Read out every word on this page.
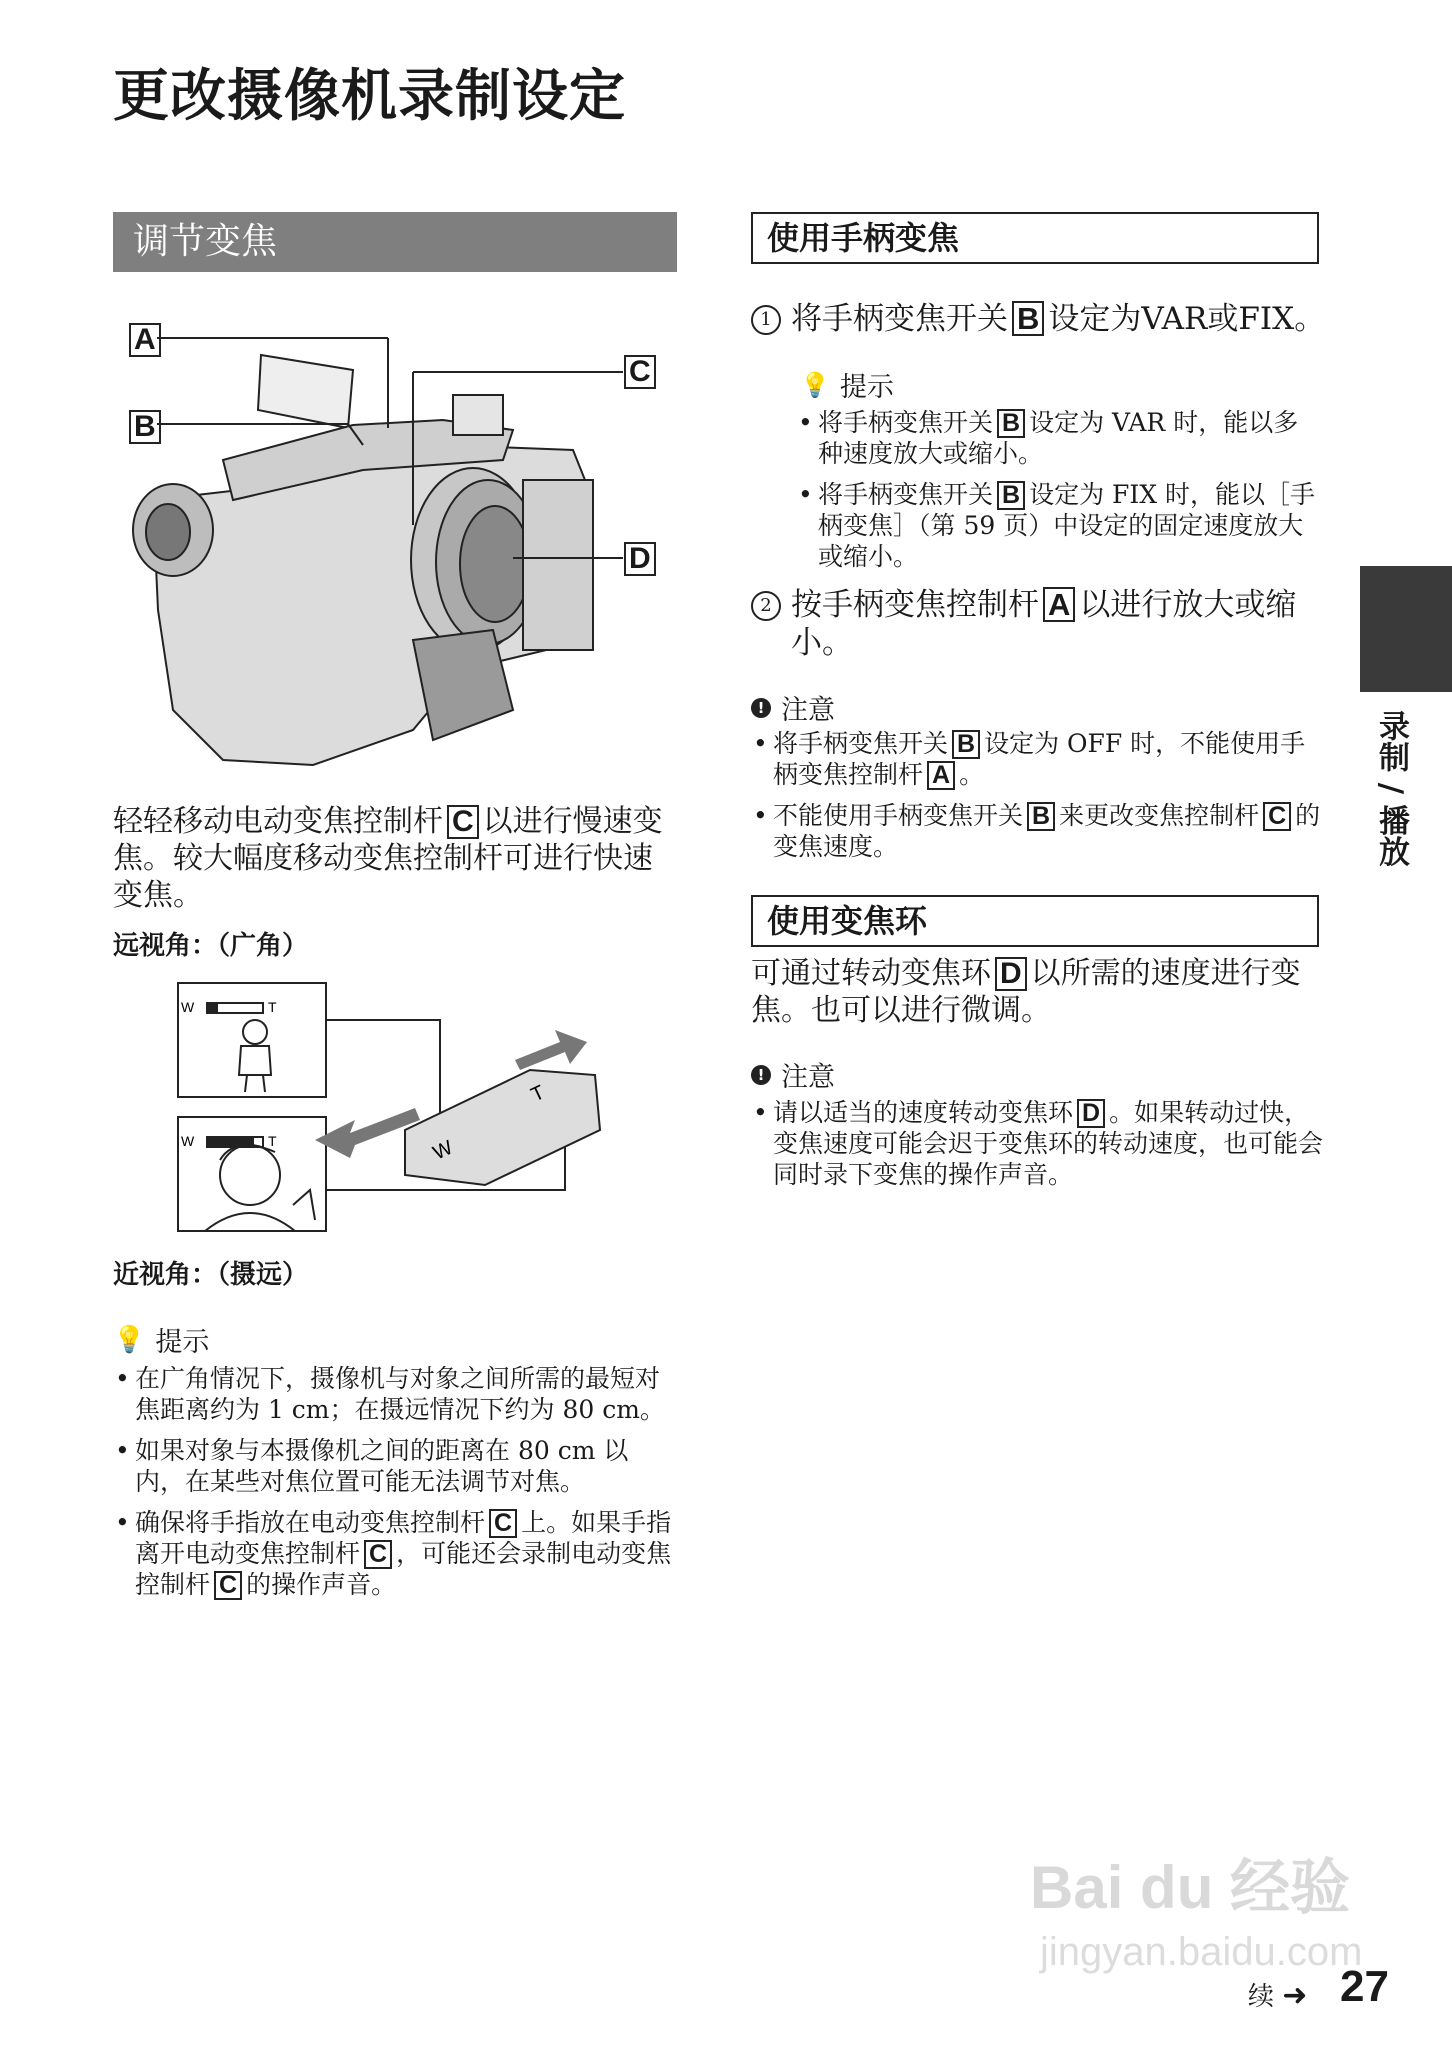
更改摄像机录制设定
调节变焦
A
B
C
D
轻轻移动电动变焦控制杆 C 以进行慢速变焦。较大幅度移动变焦控制杆可进行快速变焦。
远视角：（广角）
W	T
W	T
T
W
近视角：（摄远）
💡 提示
• 在广角情况下，摄像机与对象之间所需的最短对焦距离约为 1 cm；在摄远情况下约为 80 cm。
• 如果对象与本摄像机之间的距离在 80 cm 以内，在某些对焦位置可能无法调节对焦。
• 确保将手指放在电动变焦控制杆 C 上。如果手指离开电动变焦控制杆 C ，可能还会录制电动变焦控制杆 C 的操作声音。
使用手柄变焦
1 将手柄变焦开关 B 设定为VAR或FIX。
💡 提示
• 将手柄变焦开关 B 设定为 VAR 时，能以多种速度放大或缩小。
• 将手柄变焦开关 B 设定为 FIX 时，能以［手柄变焦］（第 59 页）中设定的固定速度放大或缩小。
2 按手柄变焦控制杆 A 以进行放大或缩小。
! 注意
• 将手柄变焦开关 B 设定为 OFF 时，不能使用手柄变焦控制杆 A 。
• 不能使用手柄变焦开关 B 来更改变焦控制杆 C 的变焦速度。
使用变焦环
可通过转动变焦环 D 以所需的速度进行变焦。也可以进行微调。
! 注意
• 请以适当的速度转动变焦环 D 。如果转动过快，变焦速度可能会迟于变焦环的转动速度，也可能会同时录下变焦的操作声音。
录制 / 播放
Bai du 经验
jingyan.baidu.com
续 ➜ 27
